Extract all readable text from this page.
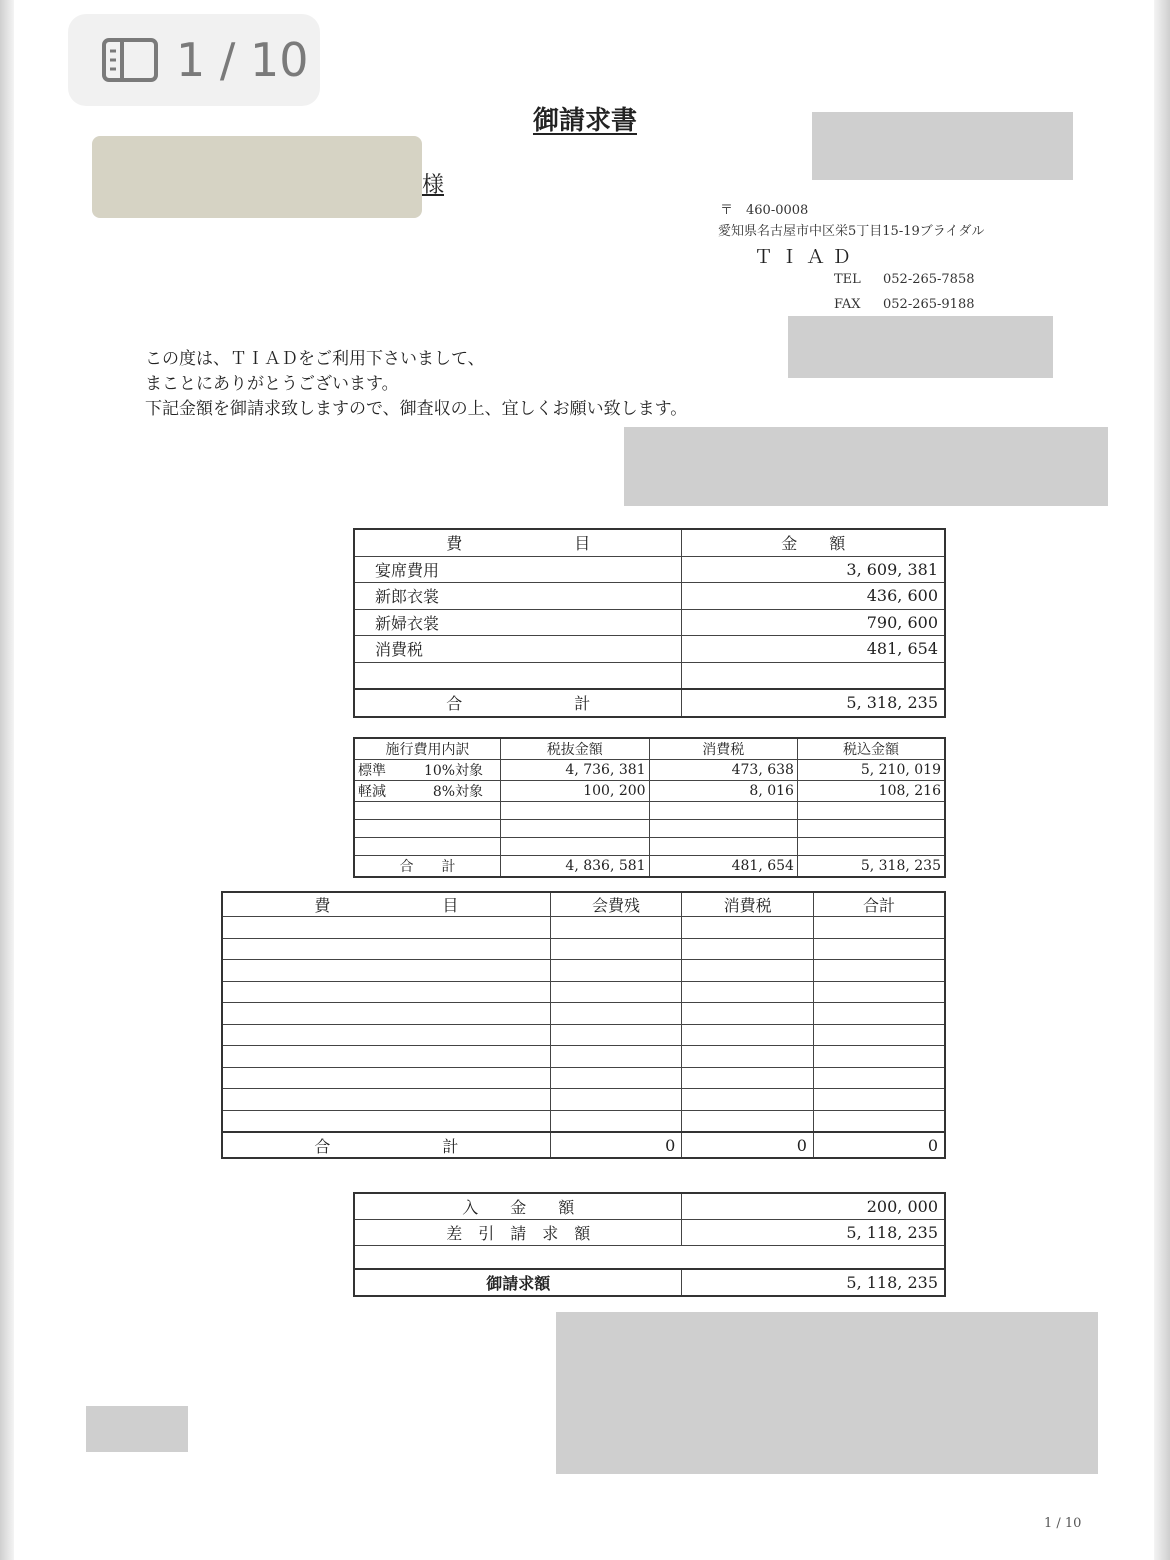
1 / 10
御請求書
様
〒　460-0008
愛知県名古屋市中区栄5丁目15-19ブライダル
ＴＩＡＤ
TEL 052-265-7858
FAX 052-265-9188
この度は、ＴＩＡＤをご利用下さいまして、
まことにありがとうございます。
下記金額を御請求致しますので、御査収の上、宜しくお願い致します。
費　　　　　　　目	金　　額
宴席費用	3, 609, 381
新郎衣裳	436, 600
新婦衣裳	790, 600
消費税	481, 654

合　　　　　　　計	5, 318, 235
施行費用内訳	税抜金額	消費税	税込金額
標準 10%対象	4, 736, 381	473, 638	5, 210, 019
軽減 8%対象	100, 200	8, 016	108, 216

合　　計	4, 836, 581	481, 654	5, 318, 235
費　　　　　　　目	会費残	消費税	合計

合　　　　　　　計	0	0	0
入　　金　　額	200, 000
差　引　請　求　額	5, 118, 235

御請求額	5, 118, 235
1 / 10
